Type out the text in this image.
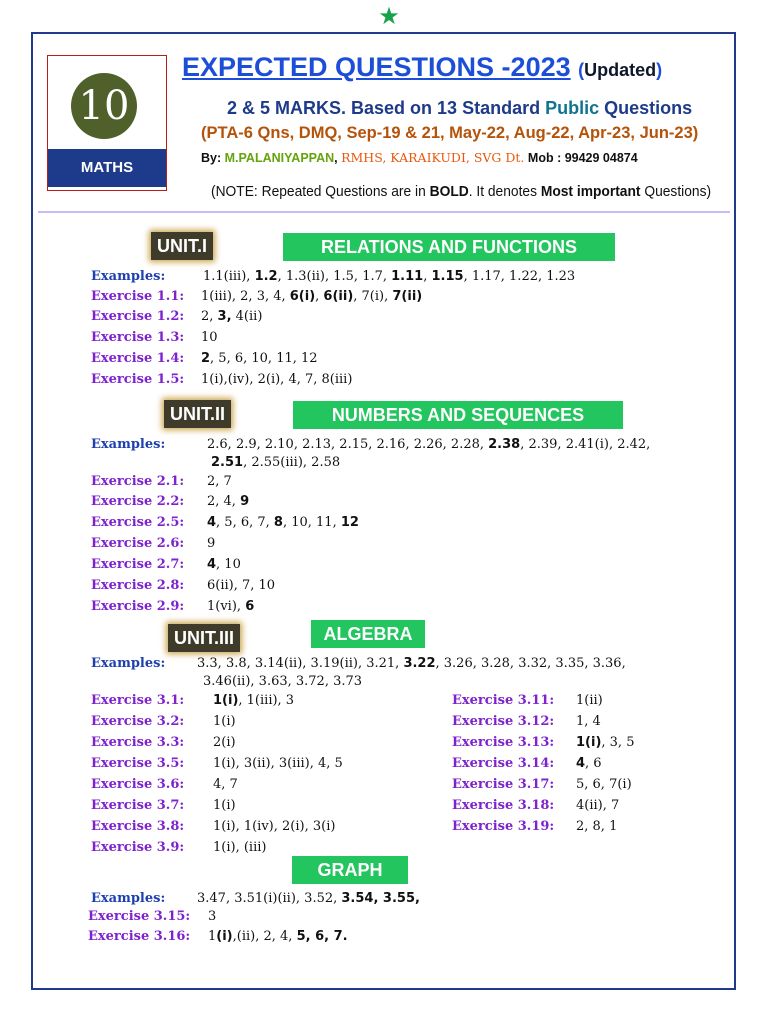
★
10
MATHS
EXPECTED QUESTIONS -2023 (Updated)
2 & 5 MARKS. Based on 13 Standard Public Questions
(PTA-6 Qns, DMQ, Sep-19 & 21, May-22, Aug-22, Apr-23, Jun-23)
By: M.PALANIYAPPAN, RMHS, KARAIKUDI, SVG Dt. Mob : 99429 04874
(NOTE: Repeated Questions are in BOLD. It denotes Most important Questions)
UNIT.I	RELATIONS AND FUNCTIONS
Examples:	1.1(iii), 1.2, 1.3(ii), 1.5, 1.7, 1.11, 1.15, 1.17, 1.22, 1.23
Exercise 1.1: 1(iii), 2, 3, 4, 6(i), 6(ii), 7(i), 7(ii)
Exercise 1.2: 2, 3, 4(ii)
Exercise 1.3: 10
Exercise 1.4: 2, 5, 6, 10, 11, 12
Exercise 1.5: 1(i),(iv), 2(i), 4, 7, 8(iii)
UNIT.II	NUMBERS AND SEQUENCES
Examples:	2.6, 2.9, 2.10, 2.13, 2.15, 2.16, 2.26, 2.28, 2.38, 2.39, 2.41(i), 2.42,
2.51, 2.55(iii), 2.58
Exercise 2.1: 2, 7
Exercise 2.2: 2, 4, 9
Exercise 2.5: 4, 5, 6, 7, 8, 10, 11, 12
Exercise 2.6: 9
Exercise 2.7: 4, 10
Exercise 2.8: 6(ii), 7, 10
Exercise 2.9: 1(vi), 6
UNIT.III	ALGEBRA
Examples: 3.3, 3.8, 3.14(ii), 3.19(ii), 3.21, 3.22, 3.26, 3.28, 3.32, 3.35, 3.36,
3.46(ii), 3.63, 3.72, 3.73
Exercise 3.1: 1(i), 1(iii), 3
Exercise 3.2: 1(i)
Exercise 3.3: 2(i)
Exercise 3.5: 1(i), 3(ii), 3(iii), 4, 5
Exercise 3.6: 4, 7
Exercise 3.7: 1(i)
Exercise 3.8: 1(i), 1(iv), 2(i), 3(i)
Exercise 3.9: 1(i), (iii)
Exercise 3.11: 1(ii)
Exercise 3.12: 1, 4
Exercise 3.13: 1(i), 3, 5
Exercise 3.14: 4, 6
Exercise 3.17: 5, 6, 7(i)
Exercise 3.18: 4(ii), 7
Exercise 3.19: 2, 8, 1
GRAPH
Examples: 3.47, 3.51(i)(ii), 3.52, 3.54, 3.55,
Exercise 3.15: 3
Exercise 3.16: 1(i),(ii), 2, 4, 5, 6, 7.
